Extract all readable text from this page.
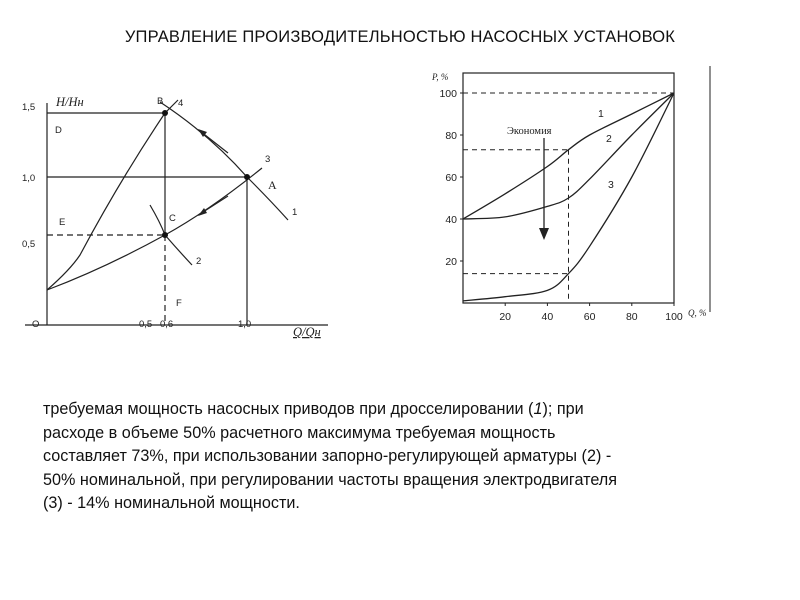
УПРАВЛЕНИЕ ПРОИЗВОДИТЕЛЬНОСТЬЮ НАСОСНЫХ УСТАНОВОК
1,5
1,0
0,5
O	0,5 0,6	1,0
B
D
E	C
F
4
3
1
2
A
H/Hн
Q/Qн
1
2
3
20
40
60
80
100
20	40	60	80	100
P, %
Q, %
Экономия
требуемая мощность насосных приводов при дросселировании (1); при
расходе в объеме 50% расчетного максимума требуемая мощность
составляет 73%, при использовании запорно-регулирующей арматуры (2) -
50% номинальной, при регулировании частоты вращения электродвигателя
(3) - 14% номинальной мощности.
